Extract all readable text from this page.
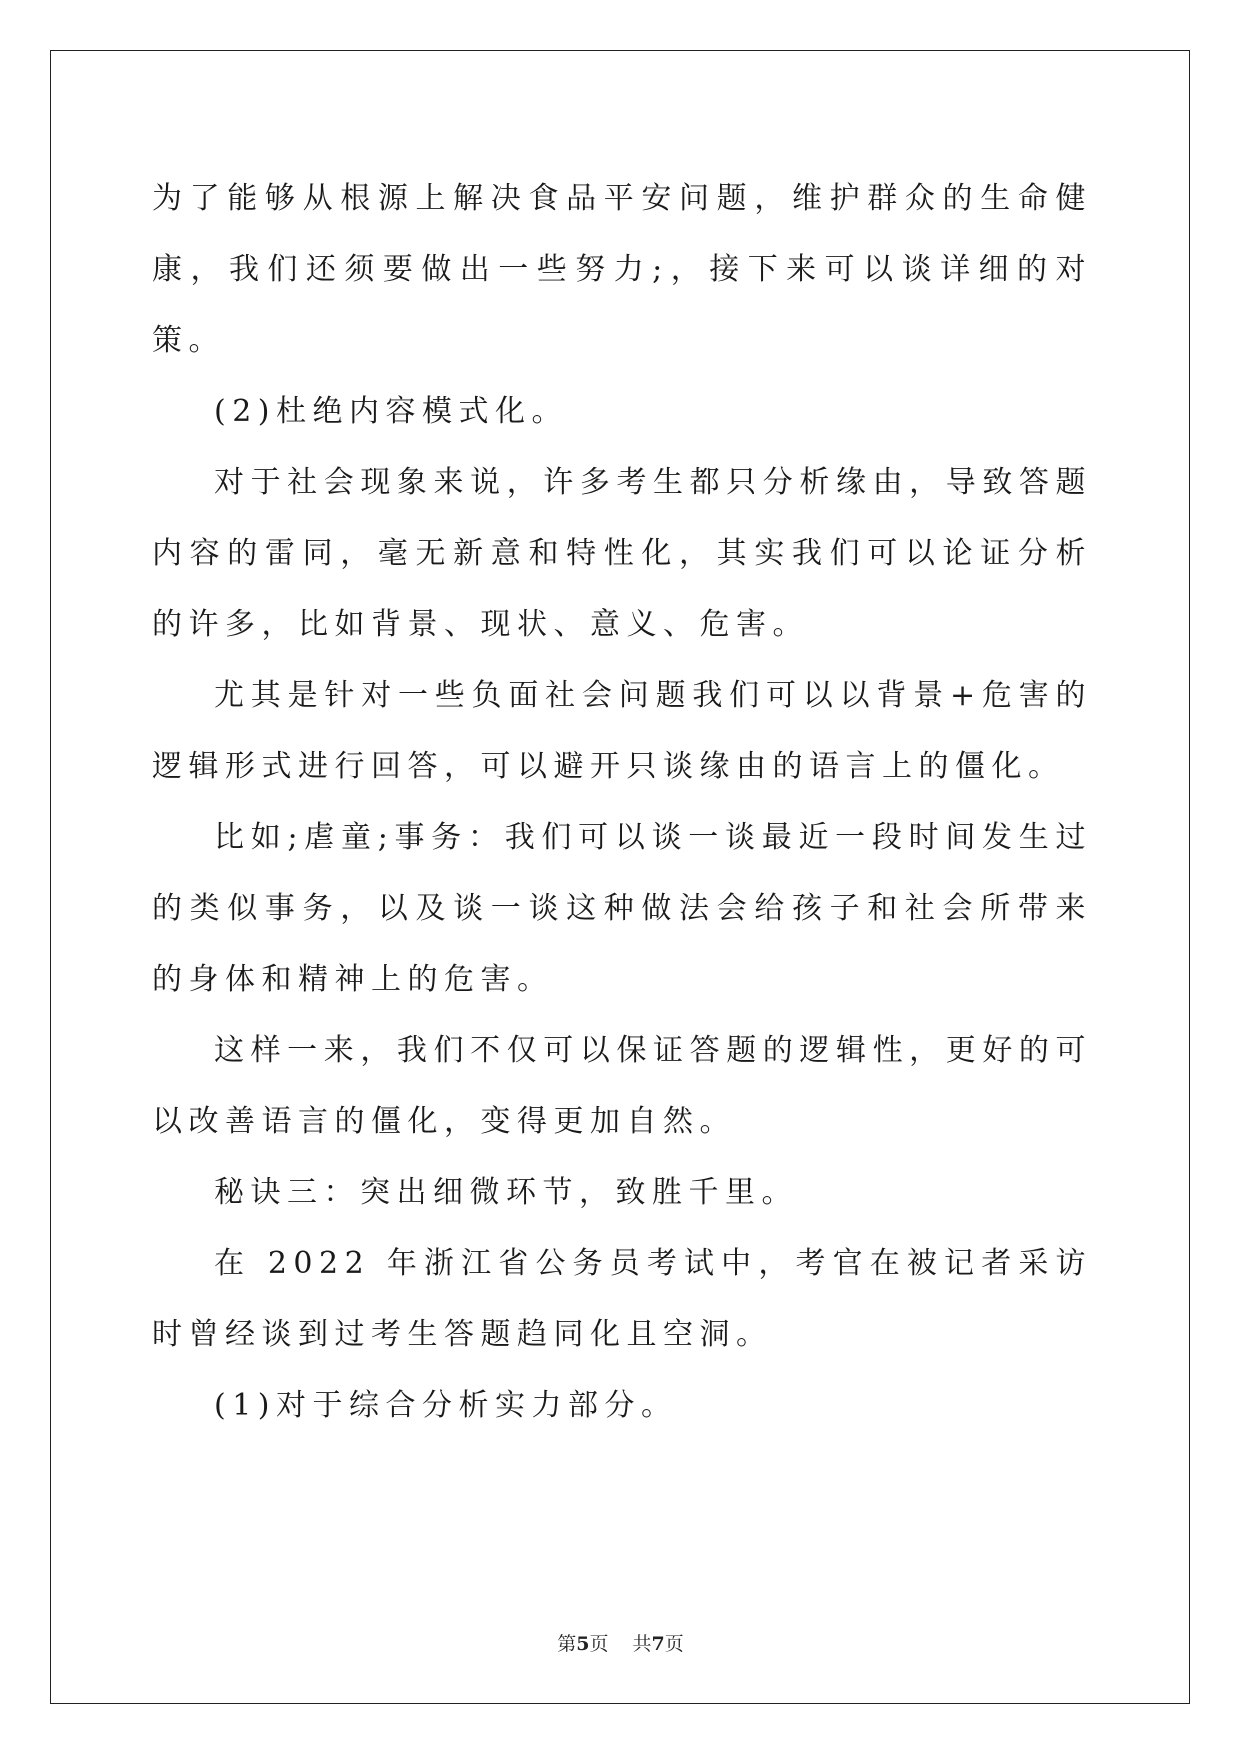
为了能够从根源上解决食品平安问题，维护群众的生命健康，我们还须要做出一些努力;，接下来可以谈详细的对策。

(2)杜绝内容模式化。

对于社会现象来说，许多考生都只分析缘由，导致答题内容的雷同，毫无新意和特性化，其实我们可以论证分析的许多，比如背景、现状、意义、危害。

尤其是针对一些负面社会问题我们可以以背景+危害的逻辑形式进行回答，可以避开只谈缘由的语言上的僵化。

比如;虐童;事务：我们可以谈一谈最近一段时间发生过的类似事务，以及谈一谈这种做法会给孩子和社会所带来的身体和精神上的危害。

这样一来，我们不仅可以保证答题的逻辑性，更好的可以改善语言的僵化，变得更加自然。

秘诀三：突出细微环节，致胜千里。

在 2022 年浙江省公务员考试中，考官在被记者采访时曾经谈到过考生答题趋同化且空洞。

(1)对于综合分析实力部分。

第5页 共7页
